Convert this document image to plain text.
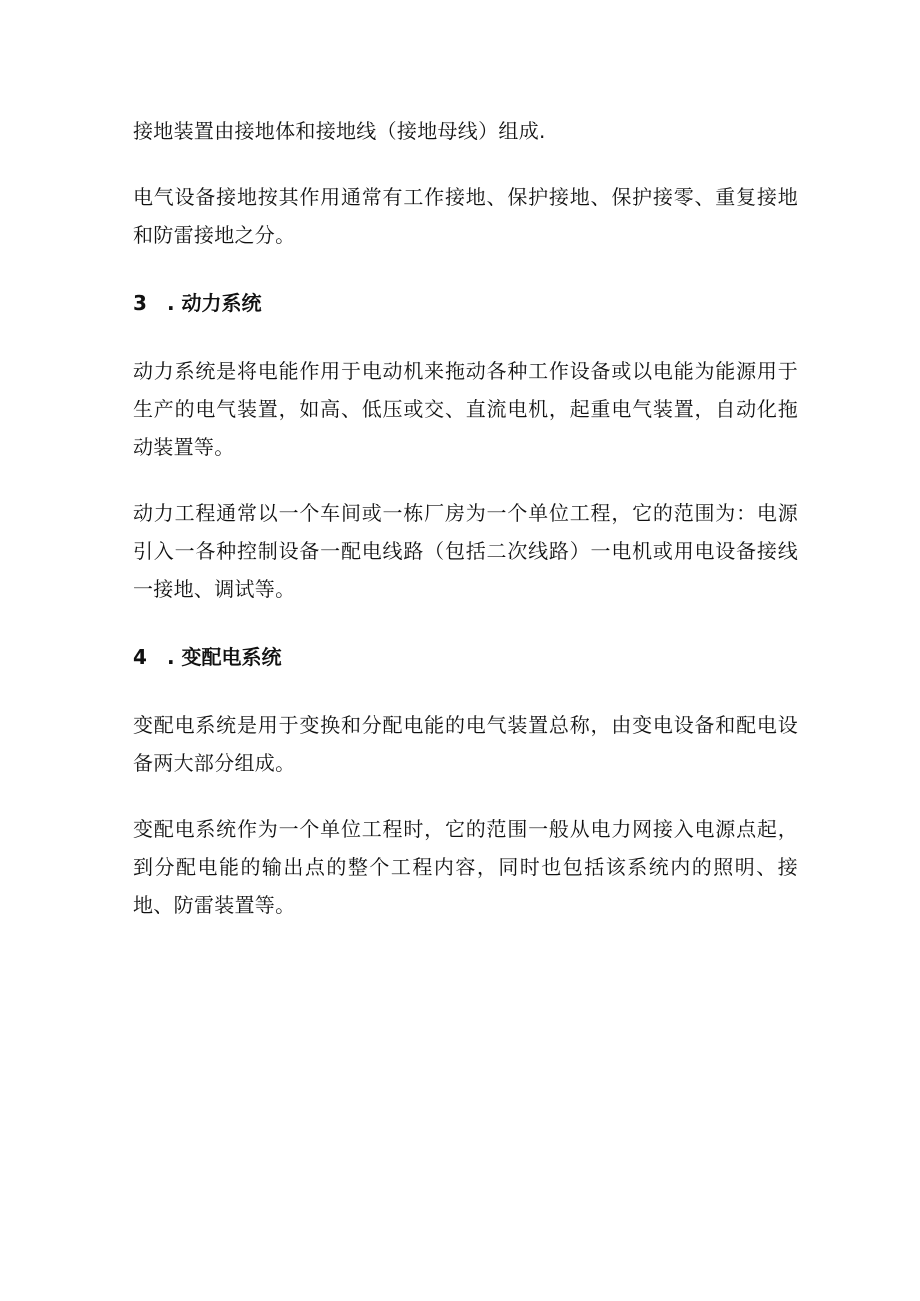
接地装置由接地体和接地线（接地母线）组成.

电气设备接地按其作用通常有工作接地、保护接地、保护接零、重复接地和防雷接地之分。

3 . 动力系统

动力系统是将电能作用于电动机来拖动各种工作设备或以电能为能源用于生产的电气装置，如高、低压或交、直流电机，起重电气装置，自动化拖动装置等。

动力工程通常以一个车间或一栋厂房为一个单位工程，它的范围为：电源引入一各种控制设备一配电线路（包括二次线路）一电机或用电设备接线一接地、调试等。

4 . 变配电系统

变配电系统是用于变换和分配电能的电气装置总称，由变电设备和配电设备两大部分组成。

变配电系统作为一个单位工程时，它的范围一般从电力网接入电源点起，到分配电能的输出点的整个工程内容，同时也包括该系统内的照明、接地、防雷装置等。
